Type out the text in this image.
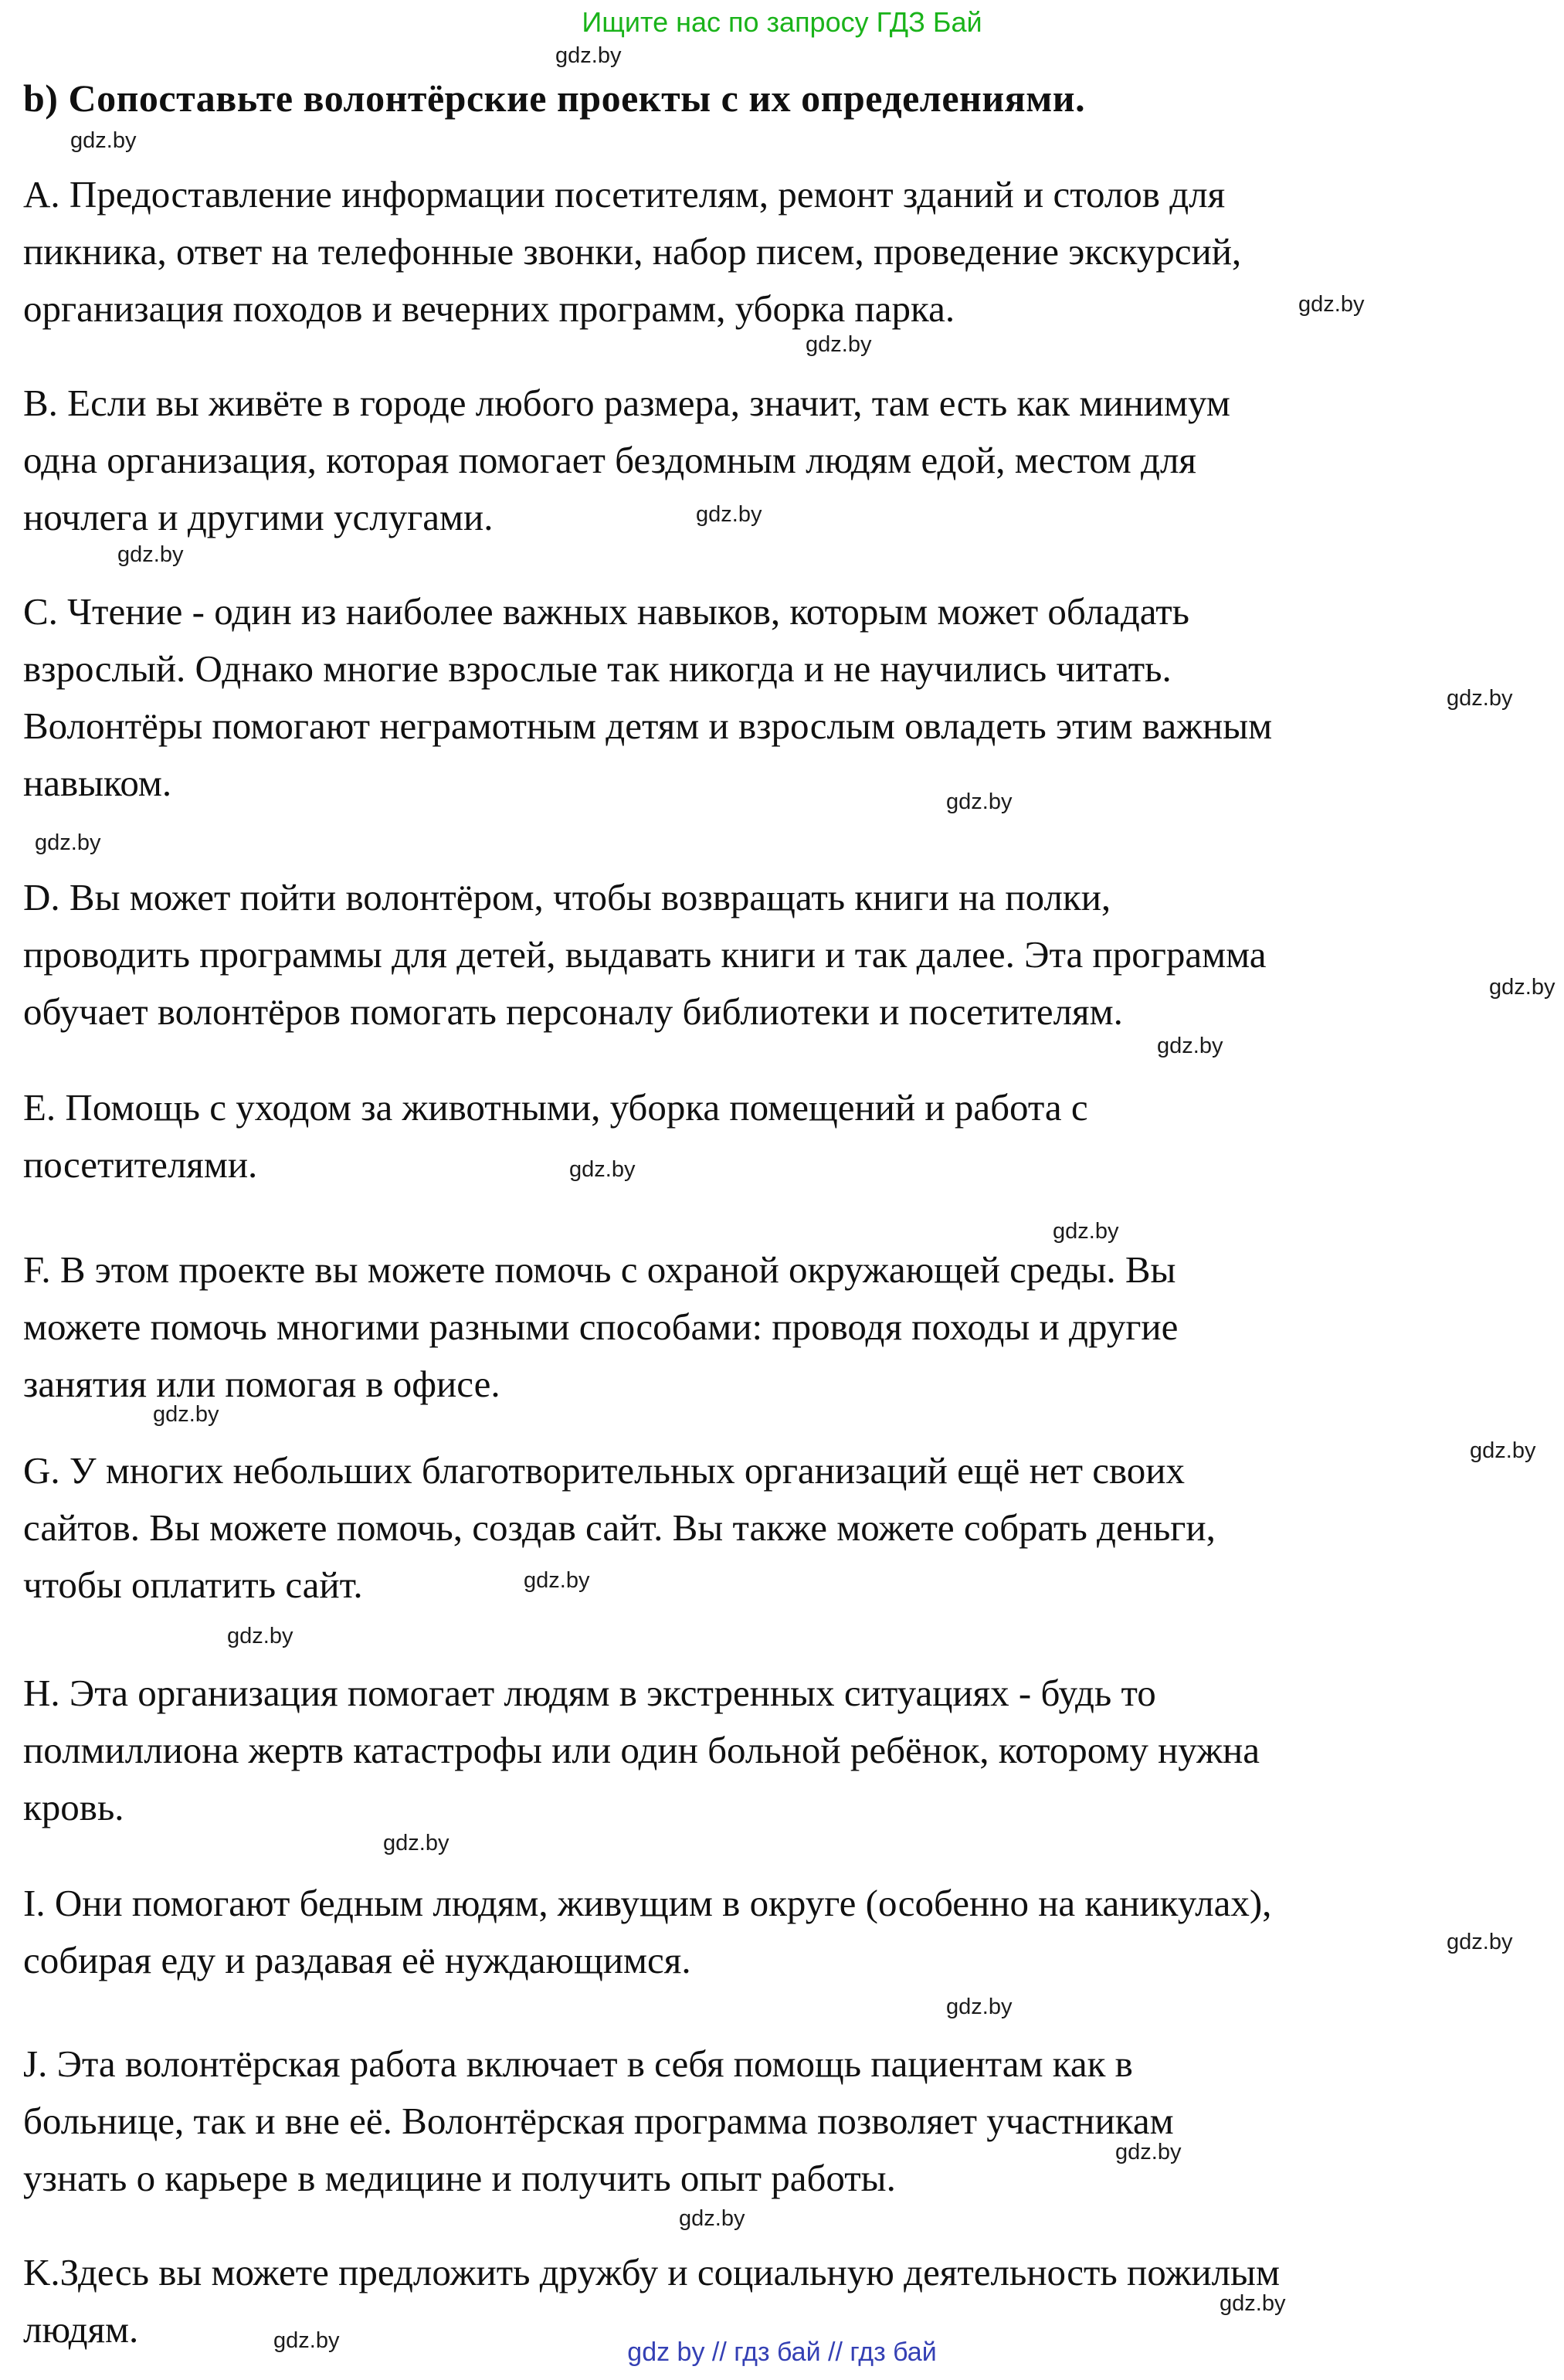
Ищите нас по запросу ГДЗ Бай
b) Сопоставьте волонтёрские проекты с их определениями.
A. Предоставление информации посетителям, ремонт зданий и столов для
пикника, ответ на телефонные звонки, набор писем, проведение экскурсий,
организация походов и вечерних программ, уборка парка.
B. Если вы живёте в городе любого размера, значит, там есть как минимум
одна организация, которая помогает бездомным людям едой, местом для
ночлега и другими услугами.
C. Чтение - один из наиболее важных навыков, которым может обладать
взрослый. Однако многие взрослые так никогда и не научились читать.
Волонтёры помогают неграмотным детям и взрослым овладеть этим важным
навыком.
D. Вы может пойти волонтёром, чтобы возвращать книги на полки,
проводить программы для детей, выдавать книги и так далее. Эта программа
обучает волонтёров помогать персоналу библиотеки и посетителям.
E. Помощь с уходом за животными, уборка помещений и работа с
посетителями.
F. В этом проекте вы можете помочь с охраной окружающей среды. Вы
можете помочь многими разными способами: проводя походы и другие
занятия или помогая в офисе.
G. У многих небольших благотворительных организаций ещё нет своих
сайтов. Вы можете помочь, создав сайт. Вы также можете собрать деньги,
чтобы оплатить сайт.
H. Эта организация помогает людям в экстренных ситуациях - будь то
полмиллиона жертв катастрофы или один больной ребёнок, которому нужна
кровь.
I. Они помогают бедным людям, живущим в округе (особенно на каникулах),
собирая еду и раздавая её нуждающимся.
J. Эта волонтёрская работа включает в себя помощь пациентам как в
больнице, так и вне её. Волонтёрская программа позволяет участникам
узнать о карьере в медицине и получить опыт работы.
K.Здесь вы можете предложить дружбу и социальную деятельность пожилым
людям.
gdz.by
gdz.by
gdz.by
gdz.by
gdz.by
gdz.by
gdz.by
gdz.by
gdz.by
gdz.by
gdz.by
gdz.by
gdz.by
gdz.by
gdz.by
gdz.by
gdz.by
gdz.by
gdz.by
gdz.by
gdz.by
gdz.by
gdz.by
gdz.by	gdz by // гдз бай // гдз бай
